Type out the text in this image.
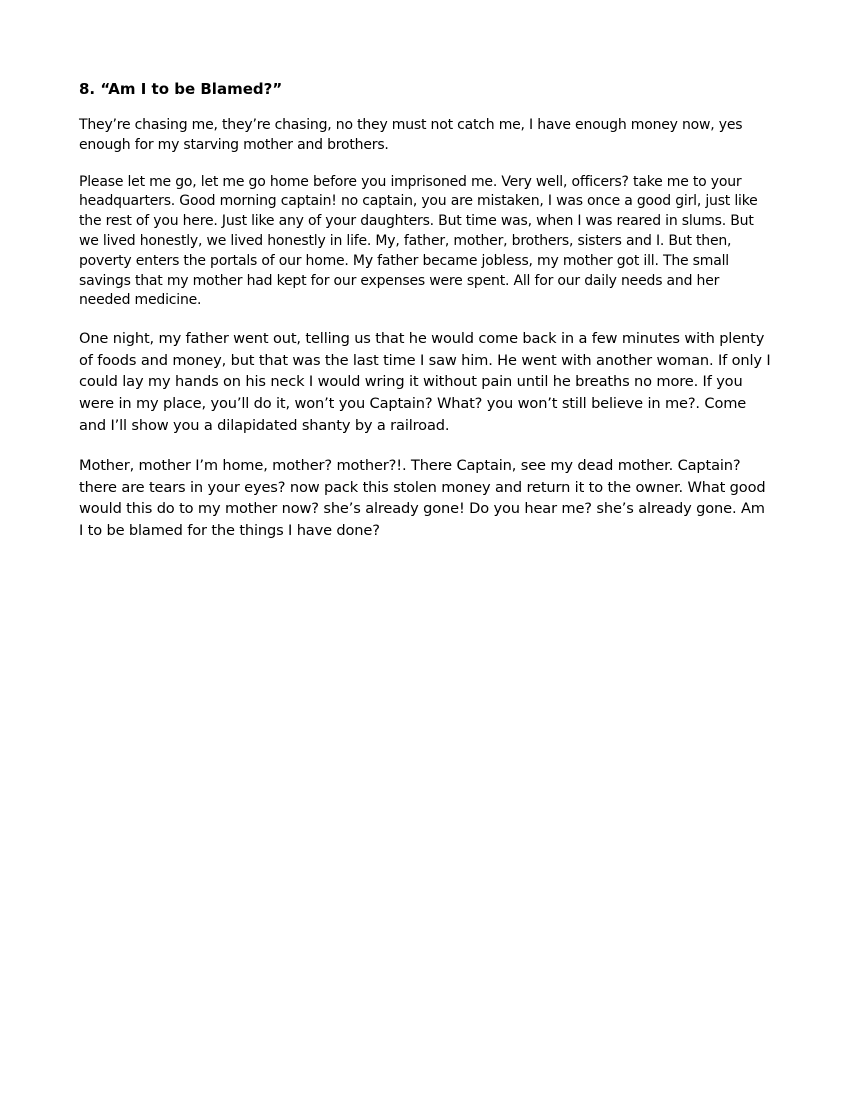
8. “Am I to be Blamed?”

They’re chasing me, they’re chasing, no they must not catch me, I have enough money now, yes enough for my starving mother and brothers.

Please let me go, let me go home before you imprisoned me. Very well, officers? take me to your headquarters. Good morning captain! no captain, you are mistaken, I was once a good girl, just like the rest of you here. Just like any of your daughters. But time was, when I was reared in slums. But we lived honestly, we lived honestly in life. My, father, mother, brothers, sisters and I. But then, poverty enters the portals of our home. My father became jobless, my mother got ill. The small savings that my mother had kept for our expenses were spent. All for our daily needs and her needed medicine.

One night, my father went out, telling us that he would come back in a few minutes with plenty of foods and money, but that was the last time I saw him. He went with another woman. If only I could lay my hands on his neck I would wring it without pain until he breaths no more. If you were in my place, you’ll do it, won’t you Captain? What? you won’t still believe in me?. Come and I’ll show you a dilapidated shanty by a railroad.

Mother, mother I’m home, mother? mother?!. There Captain, see my dead mother. Captain? there are tears in your eyes? now pack this stolen money and return it to the owner. What good would this do to my mother now? she’s already gone! Do you hear me? she’s already gone. Am I to be blamed for the things I have done?
